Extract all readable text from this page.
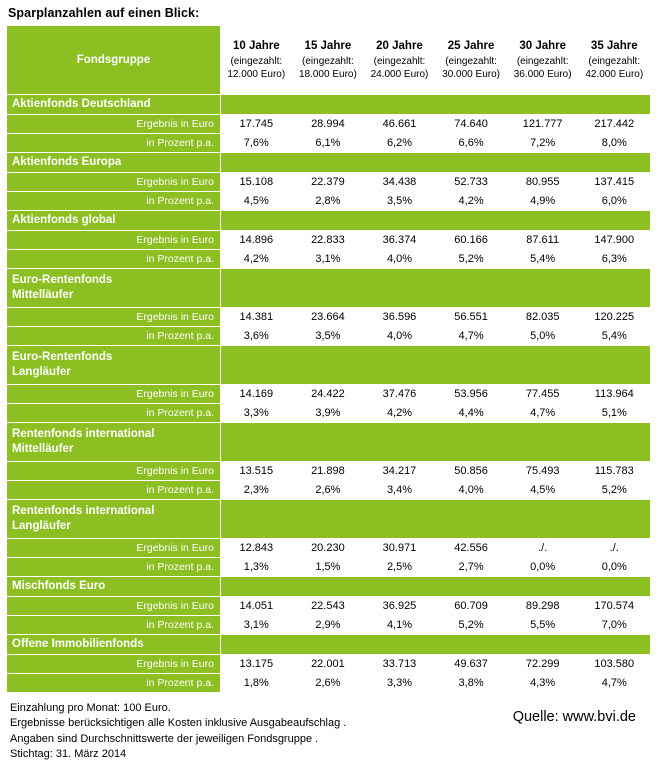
Sparplanzahlen auf einen Blick:
Fondsgruppe	10 Jahre
(eingezahlt:
12.000 Euro)	15 Jahre
(eingezahlt:
18.000 Euro)	20 Jahre
(eingezahlt:
24.000 Euro)	25 Jahre
(eingezahlt:
30.000 Euro)	30 Jahre
(eingezahlt:
36.000 Euro)	35 Jahre
(eingezahlt:
42.000 Euro)

Aktienfonds Deutschland						
Ergebnis in Euro	17.745	28.994	46.661	74.640	121.777	217.442
in Prozent p.a.	7,6%	6,1%	6,2%	6,6%	7,2%	8,0%
Aktienfonds Europa						
Ergebnis in Euro	15.108	22.379	34.438	52.733	80.955	137.415
in Prozent p.a.	4,5%	2,8%	3,5%	4,2%	4,9%	6,0%
Aktienfonds global						
Ergebnis in Euro	14.896	22.833	36.374	60.166	87.611	147.900
in Prozent p.a.	4,2%	3,1%	4,0%	5,2%	5,4%	6,3%
Euro-Rentenfonds
Mittelläufer						
Ergebnis in Euro	14.381	23.664	36.596	56.551	82.035	120.225
in Prozent p.a.	3,6%	3,5%	4,0%	4,7%	5,0%	5,4%
Euro-Rentenfonds
Langläufer						
Ergebnis in Euro	14.169	24.422	37.476	53.956	77.455	113.964
in Prozent p.a.	3,3%	3,9%	4,2%	4,4%	4,7%	5,1%
Rentenfonds international
Mittelläufer						
Ergebnis in Euro	13.515	21.898	34.217	50.856	75.493	115.783
in Prozent p.a.	2,3%	2,6%	3,4%	4,0%	4,5%	5,2%
Rentenfonds international
Langläufer						
Ergebnis in Euro	12.843	20.230	30.971	42.556	./.	./.
in Prozent p.a.	1,3%	1,5%	2,5%	2,7%	0,0%	0,0%
Mischfonds Euro						
Ergebnis in Euro	14.051	22.543	36.925	60.709	89.298	170.574
in Prozent p.a.	3,1%	2,9%	4,1%	5,2%	5,5%	7,0%
Offene Immobilienfonds						
Ergebnis in Euro	13.175	22.001	33.713	49.637	72.299	103.580
in Prozent p.a.	1,8%	2,6%	3,3%	3,8%	4,3%	4,7%
Einzahlung pro Monat: 100 Euro.
Ergebnisse berücksichtigen alle Kosten inklusive Ausgabeaufschlag .
Angaben sind Durchschnittswerte der jeweiligen Fondsgruppe .
Stichtag: 31. März 2014
Quelle: www.bvi.de
